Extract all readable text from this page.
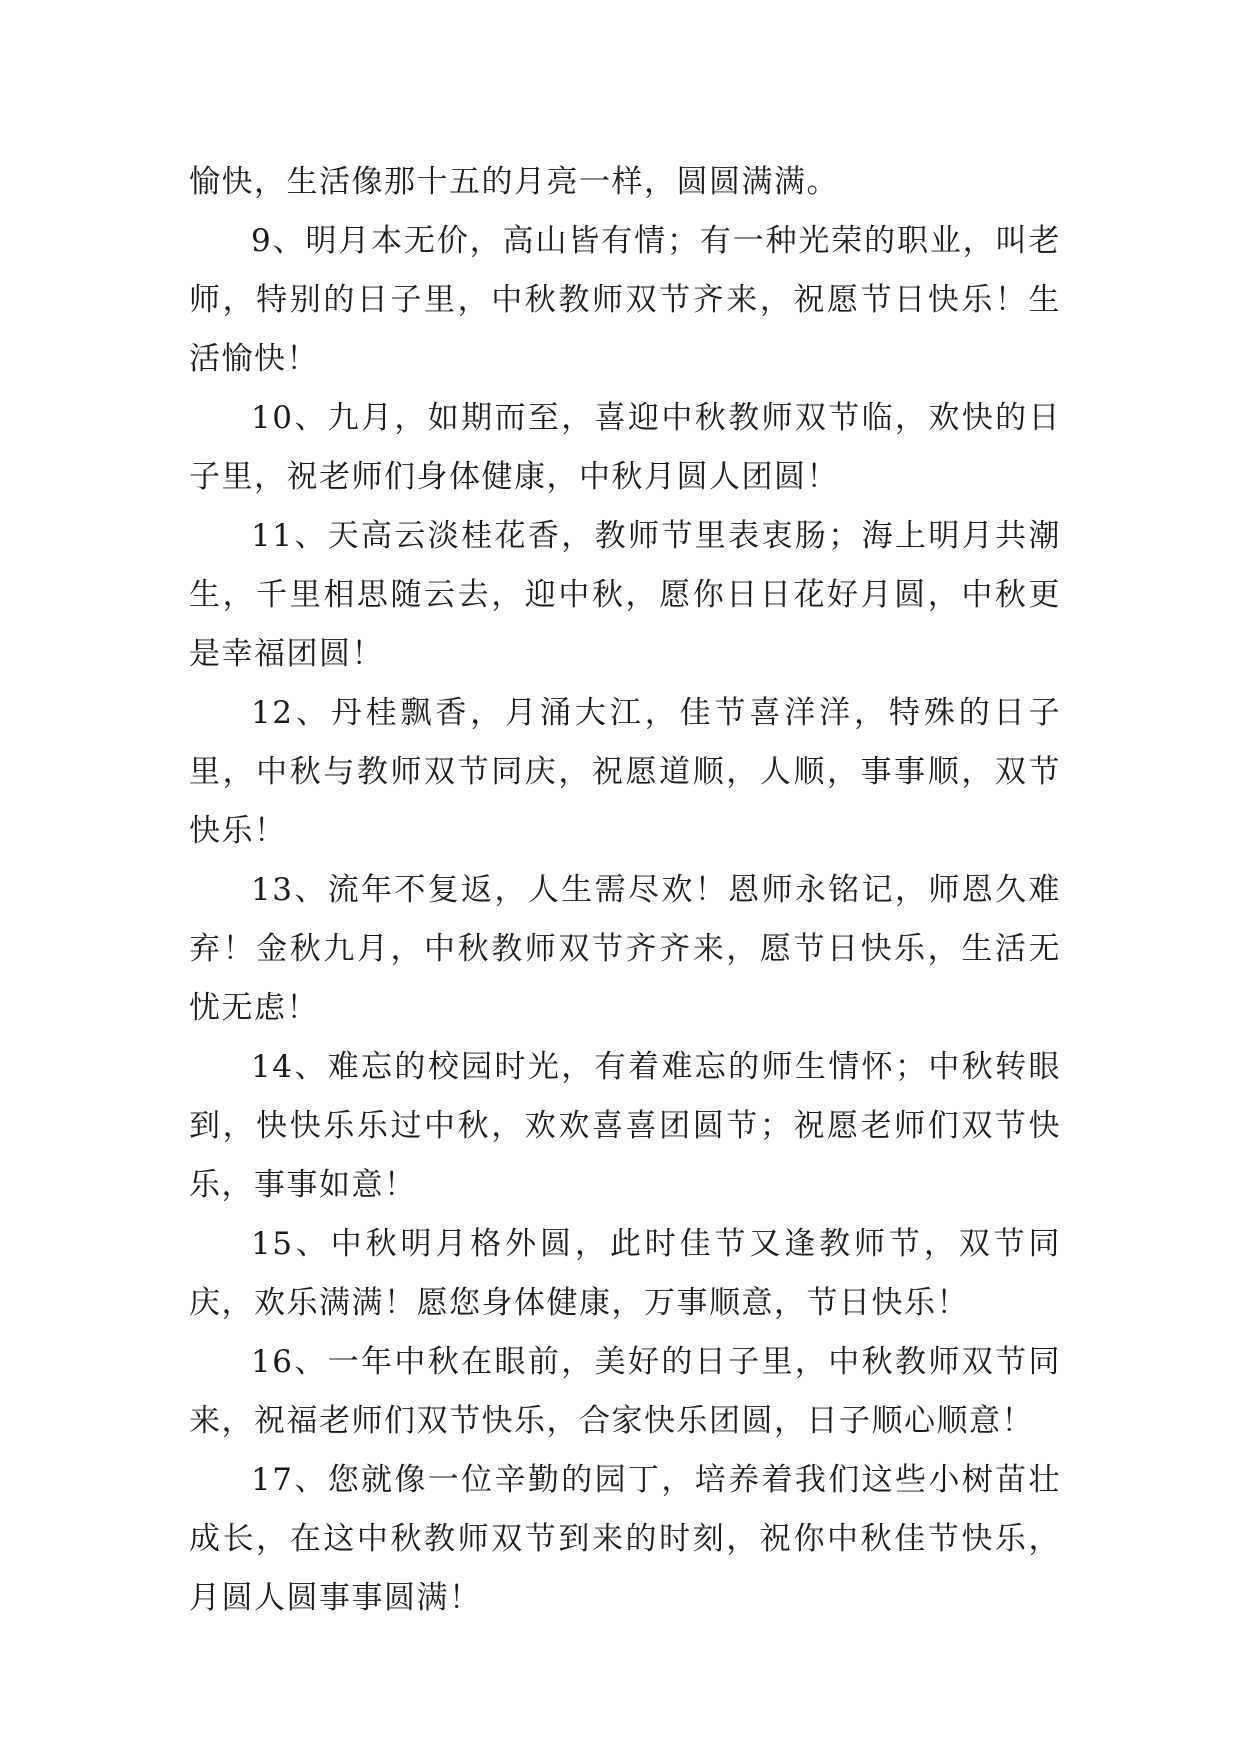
愉快，生活像那十五的月亮一样，圆圆满满。

9、明月本无价，高山皆有情；有一种光荣的职业，叫老师，特别的日子里，中秋教师双节齐来，祝愿节日快乐！生活愉快！

10、九月，如期而至，喜迎中秋教师双节临，欢快的日子里，祝老师们身体健康，中秋月圆人团圆！

11、天高云淡桂花香，教师节里表衷肠；海上明月共潮生，千里相思随云去，迎中秋，愿你日日花好月圆，中秋更是幸福团圆！

12、丹桂飘香，月涌大江，佳节喜洋洋，特殊的日子里，中秋与教师双节同庆，祝愿道顺，人顺，事事顺，双节快乐！

13、流年不复返，人生需尽欢！恩师永铭记，师恩久难弃！金秋九月，中秋教师双节齐齐来，愿节日快乐，生活无忧无虑！

14、难忘的校园时光，有着难忘的师生情怀；中秋转眼到，快快乐乐过中秋，欢欢喜喜团圆节；祝愿老师们双节快乐，事事如意！

15、中秋明月格外圆，此时佳节又逢教师节，双节同庆，欢乐满满！愿您身体健康，万事顺意，节日快乐！

16、一年中秋在眼前，美好的日子里，中秋教师双节同来，祝福老师们双节快乐，合家快乐团圆，日子顺心顺意！

17、您就像一位辛勤的园丁，培养着我们这些小树苗壮成长，在这中秋教师双节到来的时刻，祝你中秋佳节快乐，月圆人圆事事圆满！
